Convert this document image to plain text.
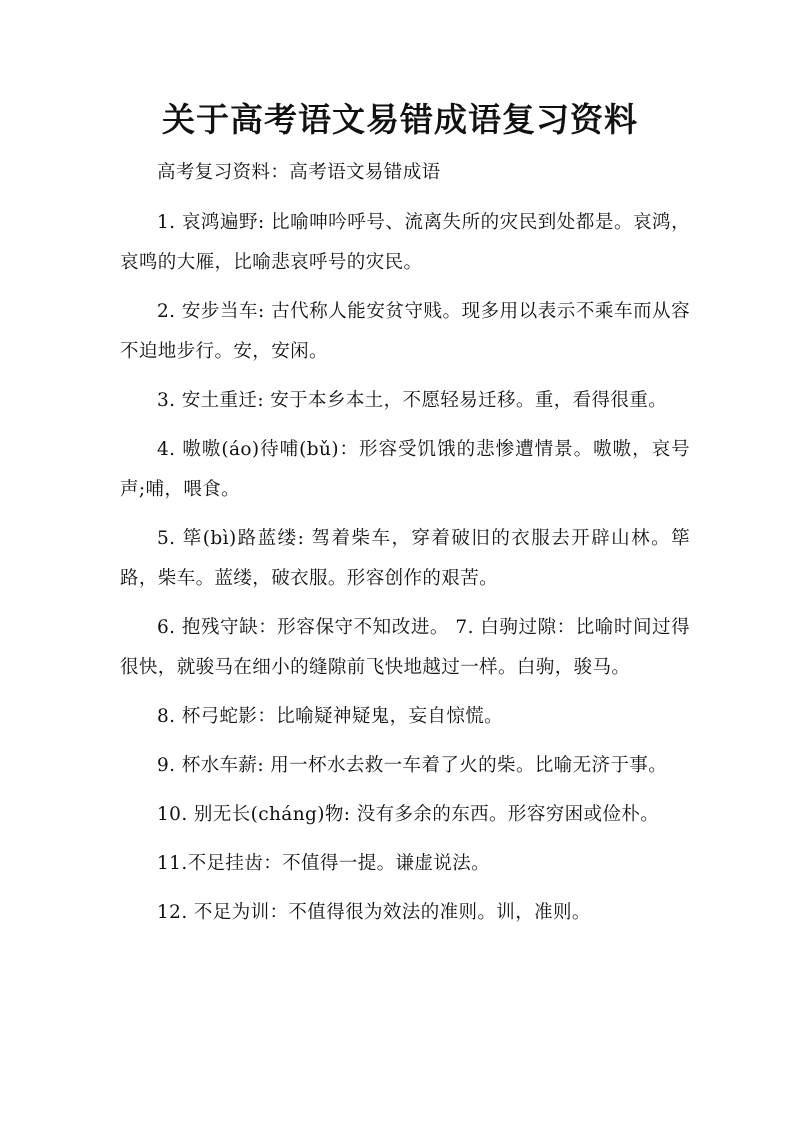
关于高考语文易错成语复习资料

高考复习资料：高考语文易错成语

1. 哀鸿遍野: 比喻呻吟呼号、流离失所的灾民到处都是。哀鸿，哀鸣的大雁，比喻悲哀呼号的灾民。

2. 安步当车: 古代称人能安贫守贱。现多用以表示不乘车而从容不迫地步行。安，安闲。

3. 安土重迁: 安于本乡本土，不愿轻易迁移。重，看得很重。

4. 嗷嗷(áo)待哺(bǔ)：形容受饥饿的悲惨遭情景。嗷嗷，哀号声;哺，喂食。

5. 筚(bì)路蓝缕: 驾着柴车，穿着破旧的衣服去开辟山林。筚路，柴车。蓝缕，破衣服。形容创作的艰苦。

6. 抱残守缺：形容保守不知改进。 7. 白驹过隙：比喻时间过得很快，就骏马在细小的缝隙前飞快地越过一样。白驹，骏马。

8. 杯弓蛇影：比喻疑神疑鬼，妄自惊慌。

9. 杯水车薪: 用一杯水去救一车着了火的柴。比喻无济于事。

10. 别无长(cháng)物: 没有多余的东西。形容穷困或俭朴。

11.不足挂齿：不值得一提。谦虚说法。

12. 不足为训：不值得很为效法的准则。训，准则。
